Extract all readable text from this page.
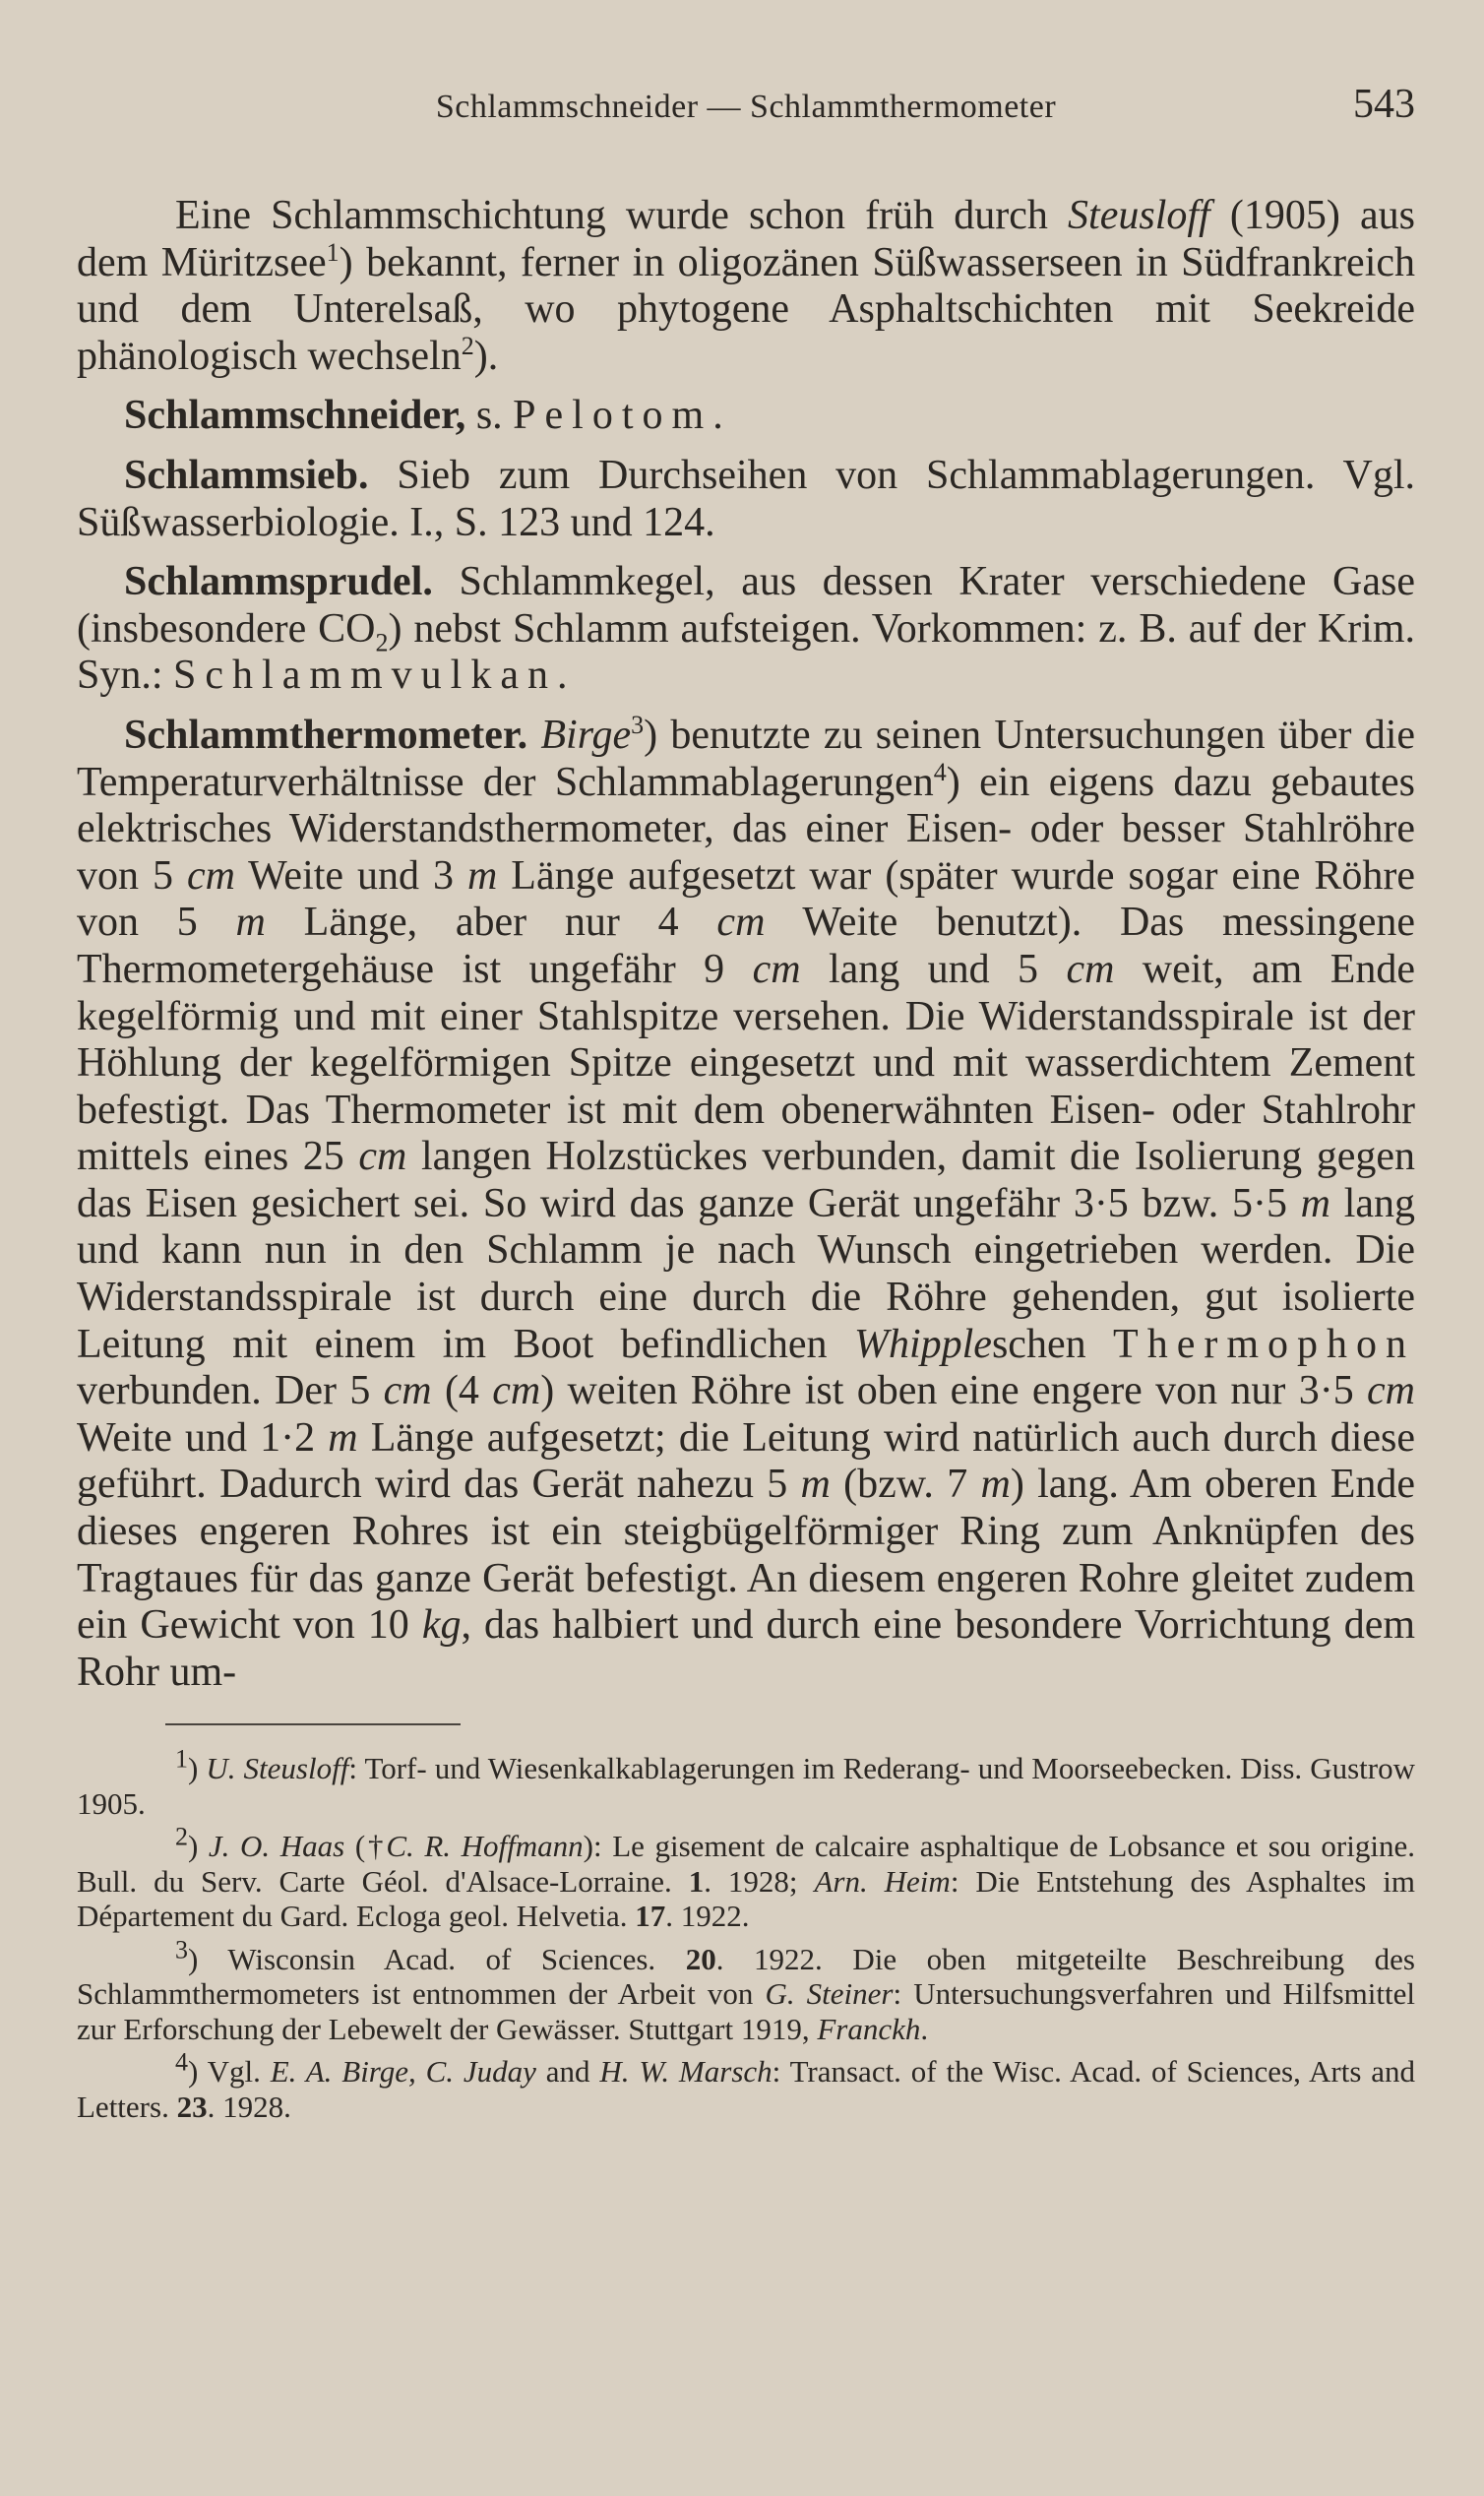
Schlammschneider — Schlammthermometer	543

Eine Schlammschichtung wurde schon früh durch Steusloff (1905) aus dem Müritzsee$^1$) bekannt, ferner in oligozänen Süßwasserseen in Südfrankreich und dem Unterelsaß, wo phytogene Asphaltschichten mit Seekreide phänologisch wechseln$^2$).

Schlammschneider, s. Pelotom.

Schlammsieb. Sieb zum Durchseihen von Schlammablagerungen. Vgl. Süßwasserbiologie. I., S. 123 und 124.

Schlammsprudel. Schlammkegel, aus dessen Krater verschiedene Gase (insbesondere $CO_2$) nebst Schlamm aufsteigen. Vorkommen: z. B. auf der Krim. Syn.: Schlammvulkan.

Schlammthermometer. Birge$^3$) benutzte zu seinen Untersuchungen über die Temperaturverhältnisse der Schlammablagerungen$^4$) ein eigens dazu gebautes elektrisches Widerstandsthermometer, das einer Eisen- oder besser Stahlröhre von 5 cm Weite und 3 m Länge aufgesetzt war (später wurde sogar eine Röhre von 5 m Länge, aber nur 4 cm Weite benutzt). Das messingene Thermometergehäuse ist ungefähr 9 cm lang und 5 cm weit, am Ende kegelförmig und mit einer Stahlspitze versehen. Die Widerstandsspirale ist der Höhlung der kegelförmigen Spitze eingesetzt und mit wasserdichtem Zement befestigt. Das Thermometer ist mit dem obenerwähnten Eisen- oder Stahlrohr mittels eines 25 cm langen Holzstückes verbunden, damit die Isolierung gegen das Eisen gesichert sei. So wird das ganze Gerät ungefähr 3·5 bzw. 5·5 m lang und kann nun in den Schlamm je nach Wunsch eingetrieben werden. Die Widerstandsspirale ist durch eine durch die Röhre gehenden, gut isolierte Leitung mit einem im Boot befindlichen Whippleschen Thermophon verbunden. Der 5 cm (4 cm) weiten Röhre ist oben eine engere von nur 3·5 cm Weite und 1·2 m Länge aufgesetzt; die Leitung wird natürlich auch durch diese geführt. Dadurch wird das Gerät nahezu 5 m (bzw. 7 m) lang. Am oberen Ende dieses engeren Rohres ist ein steigbügelförmiger Ring zum Anknüpfen des Tragtaues für das ganze Gerät befestigt. An diesem engeren Rohre gleitet zudem ein Gewicht von 10 kg, das halbiert und durch eine besondere Vorrichtung dem Rohr um-

$^1$) U. Steusloff: Torf- und Wiesenkalkablagerungen im Rederang- und Moorseebecken. Diss. Gustrow 1905.

$^2$) J. O. Haas (†C. R. Hoffmann): Le gisement de calcaire asphaltique de Lobsance et sou origine. Bull. du Serv. Carte Géol. d'Alsace-Lorraine. 1. 1928; Arn. Heim: Die Entstehung des Asphaltes im Département du Gard. Ecloga geol. Helvetia. 17. 1922.

$^3$) Wisconsin Acad. of Sciences. 20. 1922. Die oben mitgeteilte Beschreibung des Schlammthermometers ist entnommen der Arbeit von G. Steiner: Untersuchungsverfahren und Hilfsmittel zur Erforschung der Lebewelt der Gewässer. Stuttgart 1919, Franckh.

$^4$) Vgl. E. A. Birge, C. Juday and H. W. Marsch: Transact. of the Wisc. Acad. of Sciences, Arts and Letters. 23. 1928.
